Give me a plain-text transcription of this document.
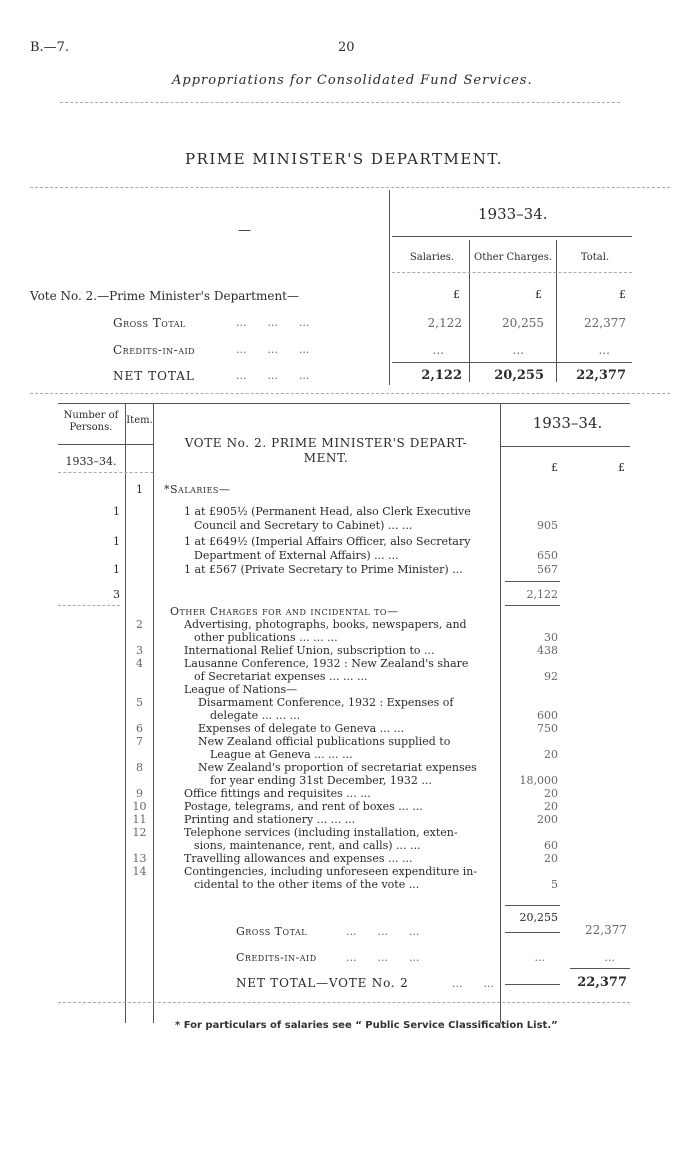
B.—7.	20
Appropriations for Consolidated Fund Services.
PRIME MINISTER'S DEPARTMENT.
—
1933–34.
Salaries.	Other Charges.	Total.
Vote No. 2.—Prime Minister's Department—	£	£	£
Gross Total	...      ...      ...	2,122	20,255	22,377
Credits-in-aid	...      ...      ...	...	...	...
NET TOTAL	...      ...      ...	2,122	20,255	22,377
Number of Persons.
Item.
1933–34.
VOTE No. 2. PRIME MINISTER'S DEPART-
MENT.
1933–34.
£	£
1	*Salaries—
1	1 at £905½ (Permanent Head, also Clerk Executive
Council and Secretary to Cabinet) ... ...	905
1	1 at £649½ (Imperial Affairs Officer, also Secretary
Department of External Affairs) ... ...	650
1	1 at £567 (Private Secretary to Prime Minister) ...	567
3	2,122
Other Charges for and incidental to—
2	Advertising, photographs, books, newspapers, and
other publications ... ... ...	30
3	International Relief Union, subscription to ...	438
4	Lausanne Conference, 1932 : New Zealand's share
of Secretariat expenses ... ... ...	92
League of Nations—
5	Disarmament Conference, 1932 : Expenses of
delegate ... ... ...	600
6	Expenses of delegate to Geneva ... ...	750
7	New Zealand official publications supplied to
League at Geneva ... ... ...	20
8	New Zealand's proportion of secretariat expenses
for year ending 31st December, 1932 ...	18,000
9	Office fittings and requisites ... ...	20
10	Postage, telegrams, and rent of boxes ... ...	20
11	Printing and stationery ... ... ...	200
12	Telephone services (including installation, exten-
sions, maintenance, rent, and calls) ... ...	60
13	Travelling allowances and expenses ... ...	20
14	Contingencies, including unforeseen expenditure in-
cidental to the other items of the vote ...	5
20,255
Gross Total	...      ...      ...	22,377
Credits-in-aid	...      ...      ...	...	...
NET TOTAL—VOTE No. 2	...      ...	22,377
* For particulars of salaries see “ Public Service Classification List.”
